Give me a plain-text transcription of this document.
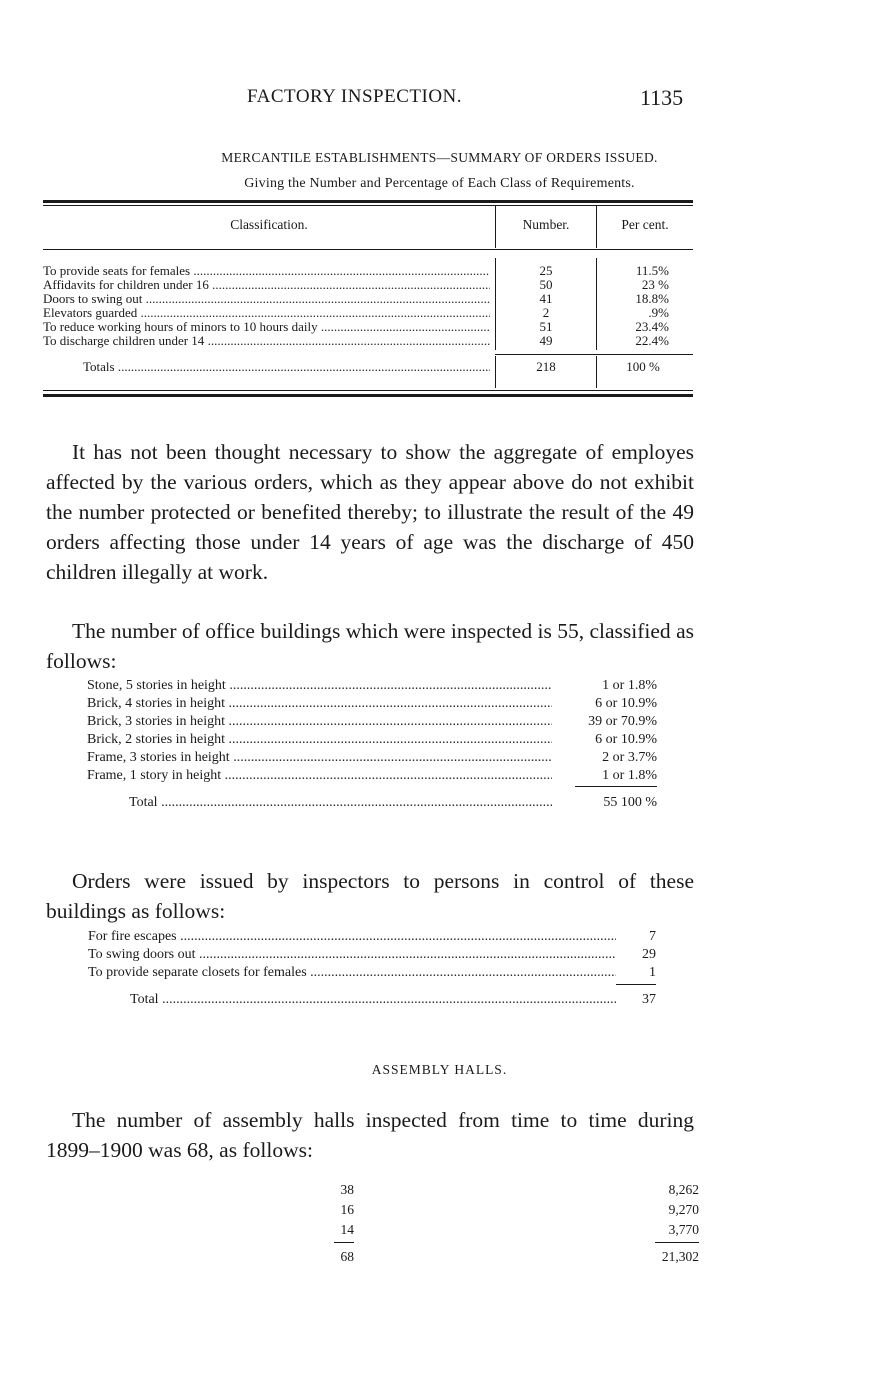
FACTORY INSPECTION.	1135
MERCANTILE ESTABLISHMENTS—SUMMARY OF ORDERS ISSUED.
Giving the Number and Percentage of Each Class of Requirements.
Classification.	Number.	Per cent.
To provide seats for females .....	25	11.5%
Affidavits for children under 16 .....	50	23 %
Doors to swing out .....	41	18.8%
Elevators guarded .....	2	.9%
To reduce working hours of minors to 10 hours daily .....	51	23.4%
To discharge children under 14 .....	49	22.4%
Totals .....	218	100 %

It has not been thought necessary to show the aggregate of employes affected by the various orders, which as they appear above do not exhibit the number protected or benefited thereby; to illustrate the result of the 49 orders affecting those under 14 years of age was the discharge of 450 children illegally at work.

The number of office buildings which were inspected is 55, classified as follows:

Stone, 5 stories in height .....	1 or 1.8%
Brick, 4 stories in height .....	6 or 10.9%
Brick, 3 stories in height .....	39 or 70.9%
Brick, 2 stories in height .....	6 or 10.9%
Frame, 3 stories in height .....	2 or 3.7%
Frame, 1 story in height .....	1 or 1.8%
Total .....	55 100 %

Orders were issued by inspectors to persons in control of these buildings as follows:

For fire escapes .....	7
To swing doors out .....	29
To provide separate closets for females .....	1
Total .....	37
ASSEMBLY HALLS.

The number of assembly halls inspected from time to time during 1899–1900 was 68, as follows:

38	8,262
16	9,270
14	3,770
68	21,302
